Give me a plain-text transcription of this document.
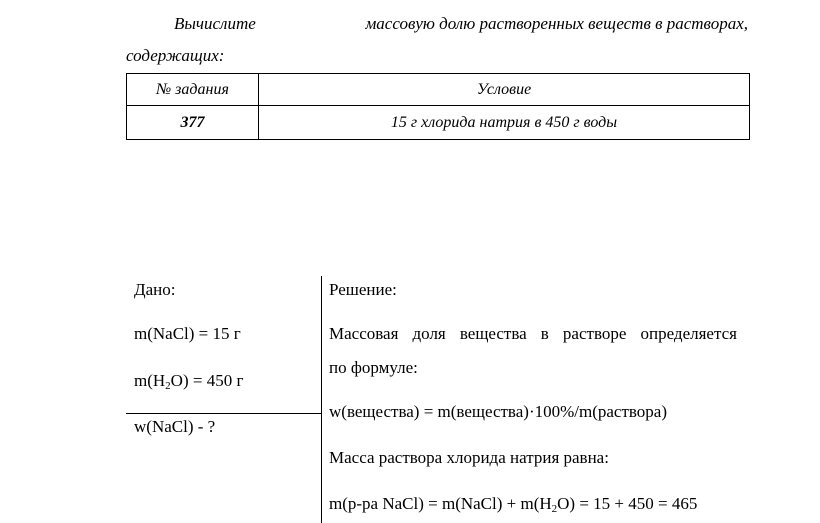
Вычислите	массовую долю растворенных веществ в растворах,
содержащих:
№ задания	Условие
377	15 г хлорида натрия в 450 г воды
Дано:
m(NaCl) = 15 г
$m(H_2O) = 450$ г
w(NaCl) - ?
Решение:
Массовая доля вещества в растворе определяется
по формуле:
w(вещества) = m(вещества)·100%/m(раствора)
Масса раствора хлорида натрия равна:
m(р-ра NaCl) = m(NaCl) + $m(H_2O) = 15 + 450 = 465$
